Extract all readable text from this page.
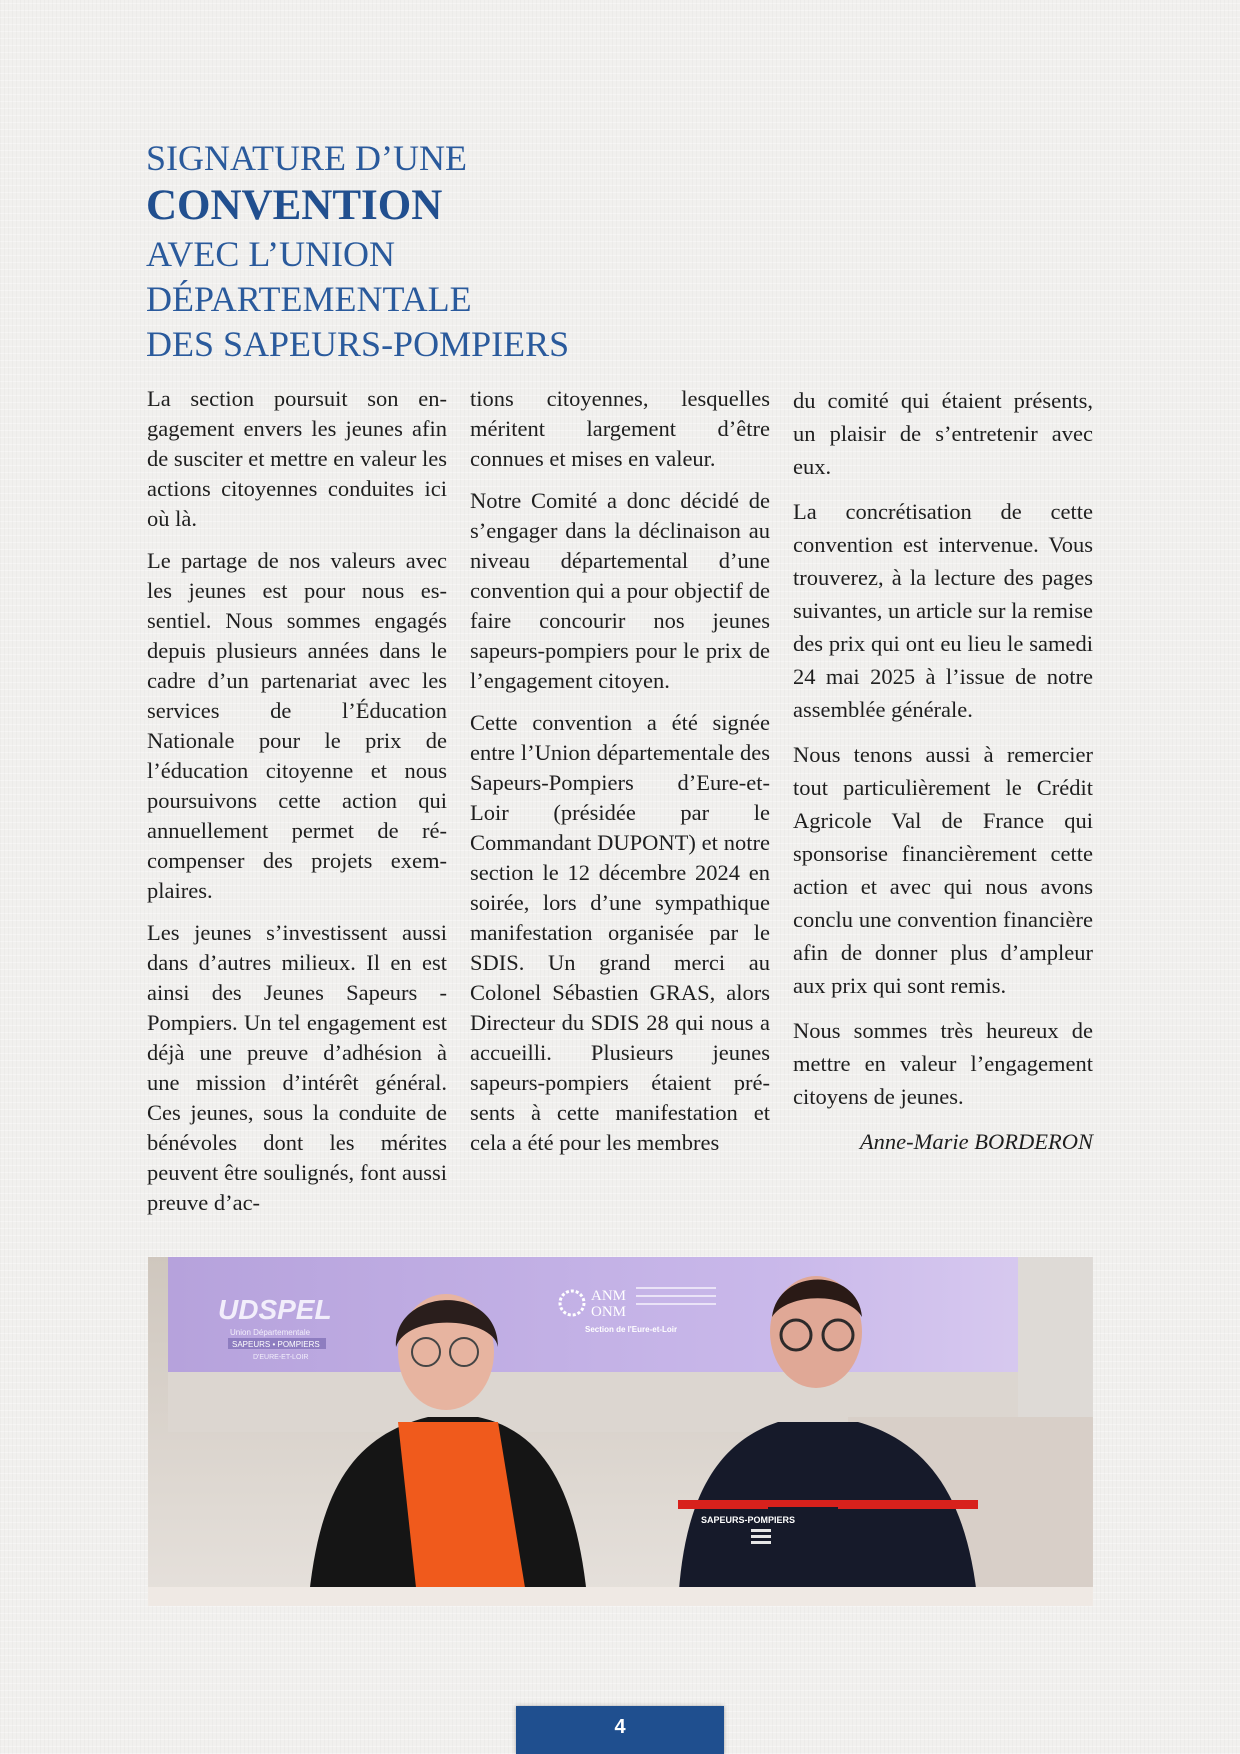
SIGNATURE D’UNE
CONVENTION
AVEC L’UNION
DÉPARTEMENTALE
DES SAPEURS-POMPIERS

La section poursuit son engagement envers les jeunes afin de susciter et mettre en valeur les actions citoyennes conduites ici où là.

Le partage de nos valeurs avec les jeunes est pour nous essentiel. Nous sommes engagés depuis plusieurs années dans le cadre d’un partenariat avec les services de l’Éducation Nationale pour le prix de l’éducation citoyenne et nous poursuivons cette action qui annuellement permet de récompenser des projets exemplaires.

Les jeunes s’investissent aussi dans d’autres milieux. Il en est ainsi des Jeunes Sapeurs -Pompiers. Un tel engagement est déjà une preuve d’adhésion à une mission d’intérêt général. Ces jeunes, sous la conduite de bénévoles dont les mérites peuvent être soulignés, font aussi preuve d’ac-

tions citoyennes, lesquelles méritent largement d’être connues et mises en valeur.

Notre Comité a donc décidé de s’engager dans la déclinaison au niveau départemental d’une convention qui a pour objectif de faire concourir nos jeunes sapeurs-pompiers pour le prix de l’engagement citoyen.

Cette convention a été signée entre l’Union départementale des Sapeurs-Pompiers d’Eure-et-Loir (présidée par le Commandant DUPONT) et notre section le 12 décembre 2024 en soirée, lors d’une sympathique manifestation organisée par le SDIS. Un grand merci au Colonel Sébastien GRAS, alors Directeur du SDIS 28 qui nous a accueilli. Plusieurs jeunes sapeurs-pompiers étaient présents à cette manifestation et cela a été pour les membres

du comité qui étaient présents, un plaisir de s’entretenir avec eux.

La concrétisation de cette convention est intervenue. Vous trouverez, à la lecture des pages suivantes, un article sur la remise des prix qui ont eu lieu le samedi 24 mai 2025 à l’issue de notre assemblée générale.

Nous tenons aussi à remercier tout particulièrement le Crédit Agricole Val de France qui sponsorise financièrement cette action et avec qui nous avons conclu une convention financière afin de donner plus d’ampleur aux prix qui sont remis.

Nous sommes très heureux de mettre en valeur l’engagement citoyens de jeunes.

Anne-Marie BORDERON
UDSPEL
Union Départementale
SAPEURS • POMPIERS
D'EURE-ET-LOIR
ANM
ONM
Section de l'Eure-et-Loir
SAPEURS-POMPIERS
4
